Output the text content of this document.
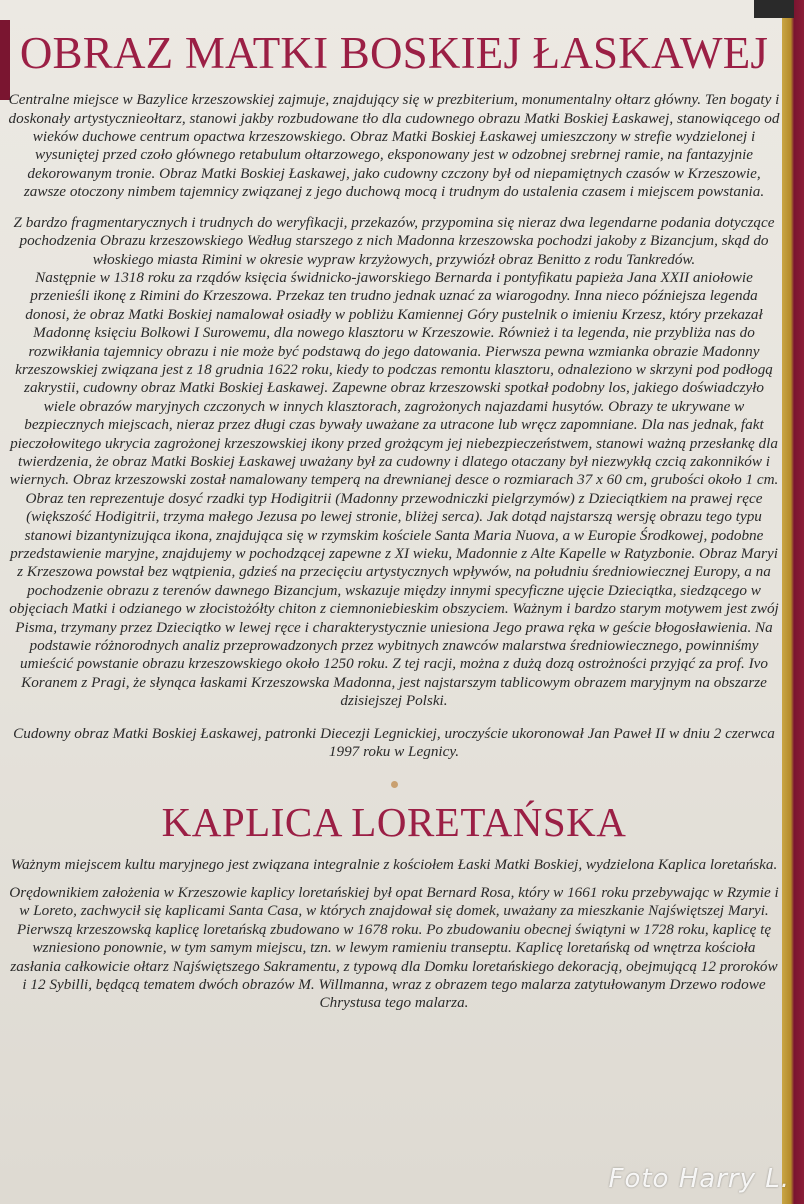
OBRAZ MATKI BOSKIEJ ŁASKAWEJ

Centralne miejsce w Bazylice krzeszowskiej zajmuje, znajdujący się w prezbiterium, monumentalny ołtarz główny. Ten bogaty i doskonały artystycznieołtarz, stanowi jakby rozbudowane tło dla cudownego obrazu Matki Boskiej Łaskawej, stanowiącego od wieków duchowe centrum opactwa krzeszowskiego. Obraz Matki Boskiej Łaskawej umieszczony w strefie wydzielonej i wysuniętej przed czoło głównego retabulum ołtarzowego, eksponowany jest w odzobnej srebrnej ramie, na fantazyjnie dekorowanym tronie. Obraz Matki Boskiej Łaskawej, jako cudowny czczony był od niepamiętnych czasów w Krzeszowie, zawsze otoczony nimbem tajemnicy związanej z jego duchową mocą i trudnym do ustalenia czasem i miejscem powstania.

Z bardzo fragmentarycznych i trudnych do weryfikacji, przekazów, przypomina się nieraz dwa legendarne podania dotyczące pochodzenia Obrazu krzeszowskiego Według starszego z nich Madonna krzeszowska pochodzi jakoby z Bizancjum, skąd do włoskiego miasta Rimini w okresie wypraw krzyżowych, przywiózł obraz Benitto z rodu Tankredów.

Następnie w 1318 roku za rządów księcia świdnicko-jaworskiego Bernarda i pontyfikatu papieża Jana XXII aniołowie przenieśli ikonę z Rimini do Krzeszowa. Przekaz ten trudno jednak uznać za wiarogodny. Inna nieco późniejsza legenda donosi, że obraz Matki Boskiej namalował osiadły w pobliżu Kamiennej Góry pustelnik o imieniu Krzesz, który przekazał Madonnę księciu Bolkowi I Surowemu, dla nowego klasztoru w Krzeszowie. Również i ta legenda, nie przybliża nas do rozwikłania tajemnicy obrazu i nie może być podstawą do jego datowania. Pierwsza pewna wzmianka obrazie Madonny krzeszowskiej związana jest z 18 grudnia 1622 roku, kiedy to podczas remontu klasztoru, odnaleziono w skrzyni pod podłogą zakrystii, cudowny obraz Matki Boskiej Łaskawej. Zapewne obraz krzeszowski spotkał podobny los, jakiego doświadczyło wiele obrazów maryjnych czczonych w innych klasztorach, zagrożonych najazdami husytów. Obrazy te ukrywane w bezpiecznych miejscach, nieraz przez długi czas bywały uważane za utracone lub wręcz zapomniane. Dla nas jednak, fakt pieczołowitego ukrycia zagrożonej krzeszowskiej ikony przed grożącym jej niebezpieczeństwem, stanowi ważną przesłankę dla twierdzenia, że obraz Matki Boskiej Łaskawej uważany był za cudowny i dlatego otaczany był niezwykłą czcią zakonników i wiernych. Obraz krzeszowski został namalowany temperą na drewnianej desce o rozmiarach 37 x 60 cm, grubości około 1 cm. Obraz ten reprezentuje dosyć rzadki typ Hodigitrii (Madonny przewodniczki pielgrzymów) z Dzieciątkiem na prawej ręce (większość Hodigitrii, trzyma małego Jezusa po lewej stronie, bliżej serca). Jak dotąd najstarszą wersję obrazu tego typu stanowi bizantynizująca ikona, znajdująca się w rzymskim kościele Santa Maria Nuova, a w Europie Środkowej, podobne przedstawienie maryjne, znajdujemy w pochodzącej zapewne z XI wieku, Madonnie z Alte Kapelle w Ratyzbonie. Obraz Maryi z Krzeszowa powstał bez wątpienia, gdzieś na przecięciu artystycznych wpływów, na południu średniowiecznej Europy, a na pochodzenie obrazu z terenów dawnego Bizancjum, wskazuje między innymi specyficzne ujęcie Dzieciątka, siedzącego w objęciach Matki i odzianego w złocistożółty chiton z ciemnoniebieskim obszyciem. Ważnym i bardzo starym motywem jest zwój Pisma, trzymany przez Dzieciątko w lewej ręce i charakterystycznie uniesiona Jego prawa ręka w geście błogosławienia. Na podstawie różnorodnych analiz przeprowadzonych przez wybitnych znawców malarstwa średniowiecznego, powinniśmy umieścić powstanie obrazu krzeszowskiego około 1250 roku. Z tej racji, można z dużą dozą ostrożności przyjąć za prof. Ivo Koranem z Pragi, że słynąca łaskami Krzeszowska Madonna, jest najstarszym tablicowym obrazem maryjnym na obszarze dzisiejszej Polski.

Cudowny obraz Matki Boskiej Łaskawej, patronki Diecezji Legnickiej, uroczyście ukoronował Jan Paweł II w dniu 2 czerwca 1997 roku w Legnicy.

KAPLICA LORETAŃSKA

Ważnym miejscem kultu maryjnego jest związana integralnie z kościołem Łaski Matki Boskiej, wydzielona Kaplica loretańska.

Orędownikiem założenia w Krzeszowie kaplicy loretańskiej był opat Bernard Rosa, który w 1661 roku przebywając w Rzymie i w Loreto, zachwycił się kaplicami Santa Casa, w których znajdował się domek, uważany za mieszkanie Najświętszej Maryi. Pierwszą krzeszowską kaplicę loretańską zbudowano w 1678 roku. Po zbudowaniu obecnej świątyni w 1728 roku, kaplicę tę wzniesiono ponownie, w tym samym miejscu, tzn. w lewym ramieniu transeptu. Kaplicę loretańską od wnętrza kościoła zasłania całkowicie ołtarz Najświętszego Sakramentu, z typową dla Domku loretańskiego dekoracją, obejmującą 12 proroków i 12 Sybilli, będącą tematem dwóch obrazów M. Willmanna, wraz z obrazem tego malarza zatytułowanym Drzewo rodowe Chrystusa tego malarza.

Foto Harry L.
